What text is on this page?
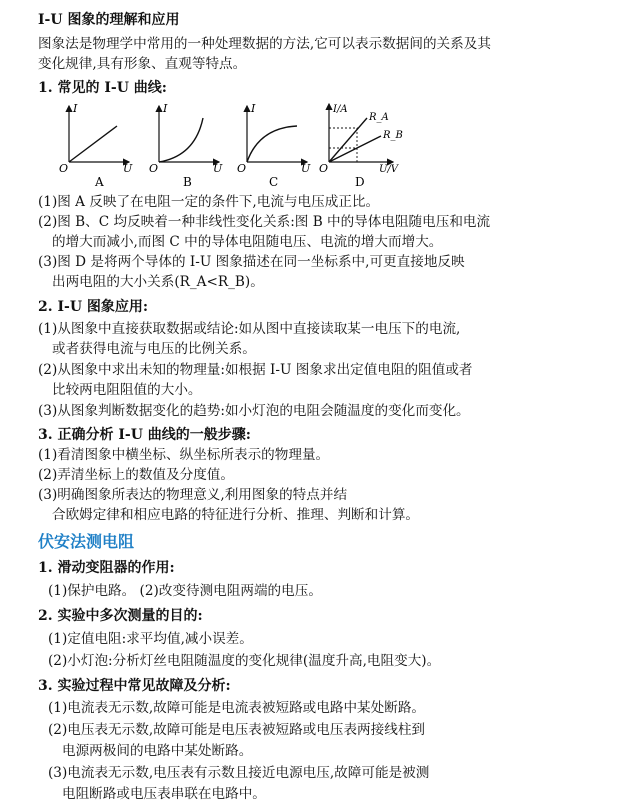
I-U 图象的理解和应用
图象法是物理学中常用的一种处理数据的方法,它可以表示数据间的关系及其
变化规律,具有形象、直观等特点。
1. 常见的 I-U 曲线:
I
O	U
A
I
O	U
B
I
O	U
C
I/A
R_A
R_B
O	U/V
D
(1)图 A 反映了在电阻一定的条件下,电流与电压成正比。
(2)图 B、C 均反映着一种非线性变化关系:图 B 中的导体电阻随电压和电流
的增大而减小,而图 C 中的导体电阻随电压、电流的增大而增大。
(3)图 D 是将两个导体的 I-U 图象描述在同一坐标系中,可更直接地反映
出两电阻的大小关系(R_A<R_B)。
2. I-U 图象应用:
(1)从图象中直接获取数据或结论:如从图中直接读取某一电压下的电流,
或者获得电流与电压的比例关系。
(2)从图象中求出未知的物理量:如根据 I-U 图象求出定值电阻的阻值或者
比较两电阻阻值的大小。
(3)从图象判断数据变化的趋势:如小灯泡的电阻会随温度的变化而变化。
3. 正确分析 I-U 曲线的一般步骤:
(1)看清图象中横坐标、纵坐标所表示的物理量。
(2)弄清坐标上的数值及分度值。
(3)明确图象所表达的物理意义,利用图象的特点并结
合欧姆定律和相应电路的特征进行分析、推理、判断和计算。
伏安法测电阻
1. 滑动变阻器的作用:
(1)保护电路。 (2)改变待测电阻两端的电压。
2. 实验中多次测量的目的:
(1)定值电阻:求平均值,减小误差。
(2)小灯泡:分析灯丝电阻随温度的变化规律(温度升高,电阻变大)。
3. 实验过程中常见故障及分析:
(1)电流表无示数,故障可能是电流表被短路或电路中某处断路。
(2)电压表无示数,故障可能是电压表被短路或电压表两接线柱到
电源两极间的电路中某处断路。
(3)电流表无示数,电压表有示数且接近电源电压,故障可能是被测
电阻断路或电压表串联在电路中。
